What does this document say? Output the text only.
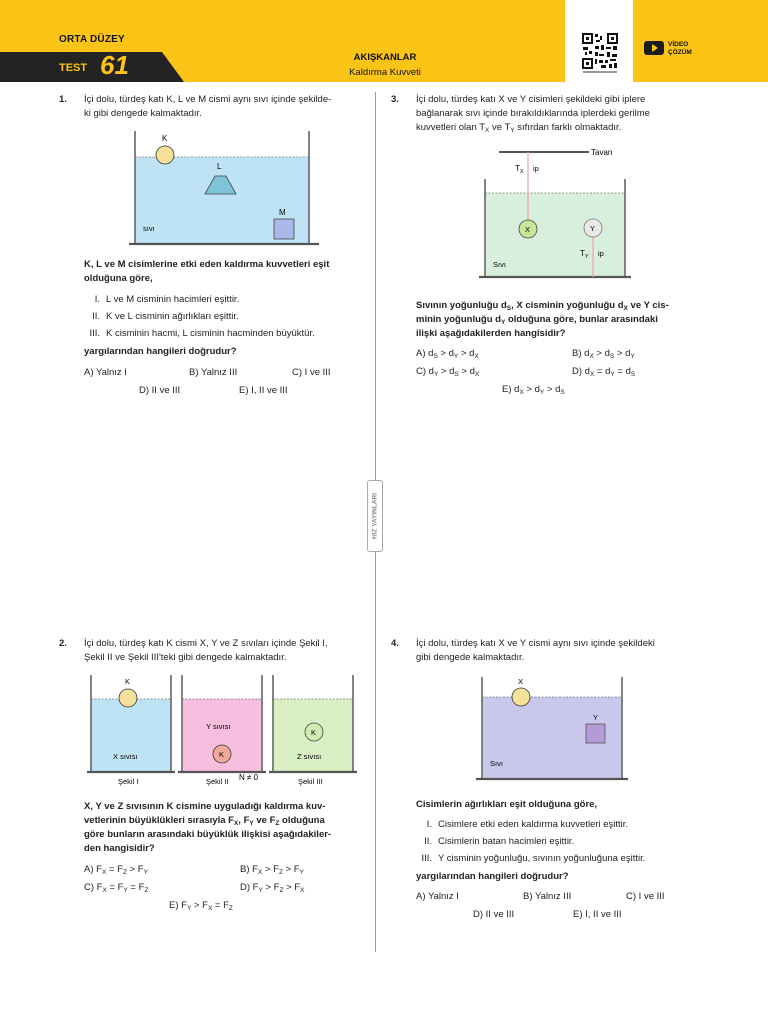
ORTA DÜZEY
TEST 61	AKIŞKANLAR
Kaldırma Kuvveti
VİDEO
ÇÖZÜM
HIZ YAYINLARI
1. İçi dolu, türdeş katı K, L ve M cismi aynı sıvı içinde şekilde-
ki gibi dengede kalmaktadır.
K
L
M
sıvı
K, L ve M cisimlerine etki eden kaldırma kuvvetleri eşit
olduğuna göre,
I. L ve M cisminin hacimleri eşittir.
II. K ve L cisminin ağırlıkları eşittir.
III. K cisminin hacmi, L cisminin hacminden büyüktür.
yargılarından hangileri doğrudur?
A) Yalnız I	B) Yalnız III	C) I ve III
D) II ve III	E) I, II ve III
3. İçi dolu, türdeş katı X ve Y cisimleri şekildeki gibi iplere
bağlanarak sıvı içinde bırakıldıklarında iplerdeki gerilme
kuvvetleri olan $T_X$ ve $T_Y$ sıfırdan farklı olmaktadır.
Tavan
X	Y
$T_X$ ip
$T_Y$ ip
Sıvı
Sıvının yoğunluğu $d_S$, X cisminin yoğunluğu $d_X$ ve Y cis-
minin yoğunluğu $d_Y$ olduğuna göre, bunlar arasındaki
ilişki aşağıdakilerden hangisidir?
A) $d_S > d_Y > d_X$	B) $d_X > d_S > d_Y$
C) $d_Y > d_S > d_X$	D) $d_X = d_Y = d_S$
E) $d_X > d_Y > d_S$
2. İçi dolu, türdeş katı K cismi X, Y ve Z sıvıları içinde Şekil I,
Şekil II ve Şekil III'teki gibi dengede kalmaktadır.
K
X sıvısı
Şekil I
K
Y sıvısı
Şekil II N ≠ 0
K
Z sıvısı
Şekil III
X, Y ve Z sıvısının K cismine uyguladığı kaldırma kuv-
vetlerinin büyüklükleri sırasıyla $F_X$, $F_Y$ ve $F_Z$ olduğuna
göre bunların arasındaki büyüklük ilişkisi aşağıdakiler-
den hangisidir?
A) $F_X = F_Z > F_Y$	B) $F_X > F_Z > F_Y$
C) $F_X = F_Y = F_Z$	D) $F_Y > F_Z > F_X$
E) $F_Y > F_X = F_Z$
4. İçi dolu, türdeş katı X ve Y cismi aynı sıvı içinde şekildeki
gibi dengede kalmaktadır.
X
Y
Sıvı
Cisimlerin ağırlıkları eşit olduğuna göre,
I. Cisimlere etki eden kaldırma kuvvetleri eşittir.
II. Cisimlerin batan hacimleri eşittir.
III. Y cisminin yoğunluğu, sıvının yoğunluğuna eşittir.
yargılarından hangileri doğrudur?
A) Yalnız I	B) Yalnız III	C) I ve III
D) II ve III	E) I, II ve III
